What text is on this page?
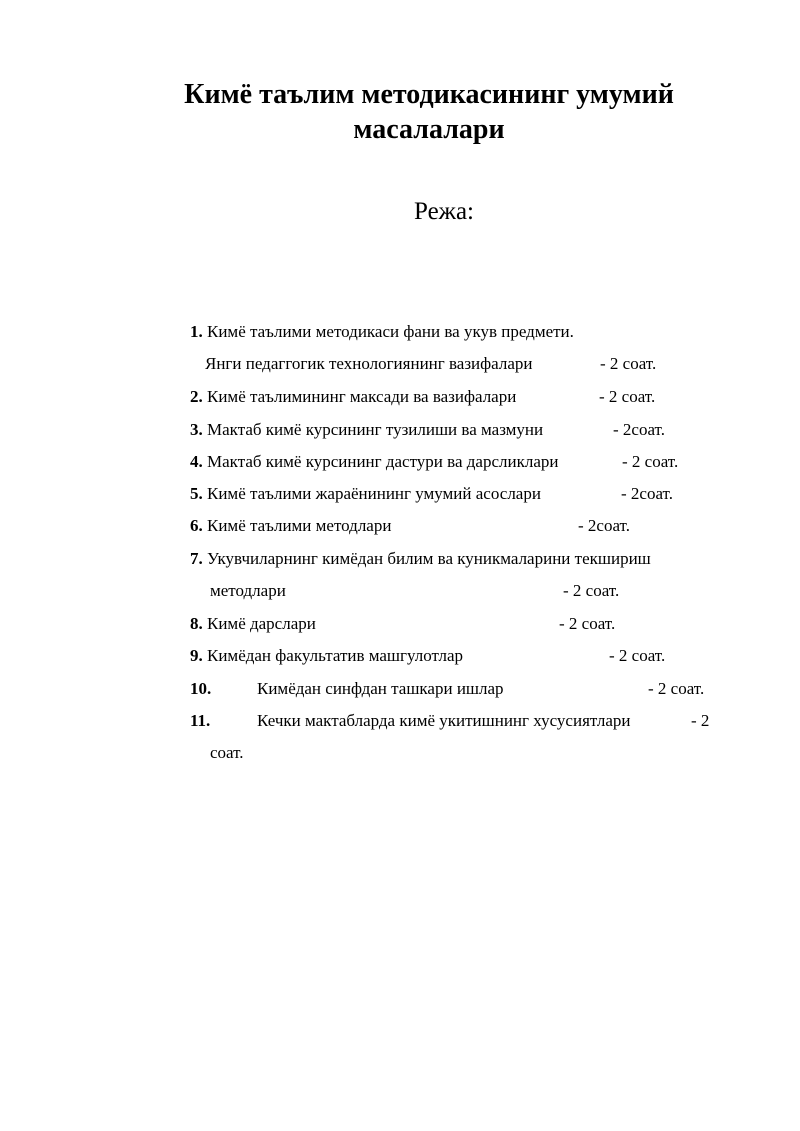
Кимё таълим методикасининг умумий
масалалари
Режа:
1. Кимё таълими методикаси фани ва укув предмети.
Янги педаггогик технологиянинг вазифалари	- 2 соат.
2. Кимё таълимининг максади ва вазифалари	- 2 соат.
3. Мактаб кимё курсининг тузилиши ва мазмуни	- 2соат.
4. Мактаб кимё курсининг дастури ва дарсликлари	- 2 соат.
5. Кимё таълими жараёнининг умумий асослари	- 2соат.
6. Кимё таълими методлари	- 2соат.
7. Укувчиларнинг кимёдан билим ва куникмаларини текшириш
методлари	- 2 соат.
8. Кимё дарслари	- 2 соат.
9. Кимёдан факультатив машгулотлар	- 2 соат.
10.	Кимёдан синфдан ташкари ишлар	- 2 соат.
11.	Кечки мактабларда кимё укитишнинг хусусиятлари	- 2
соат.
